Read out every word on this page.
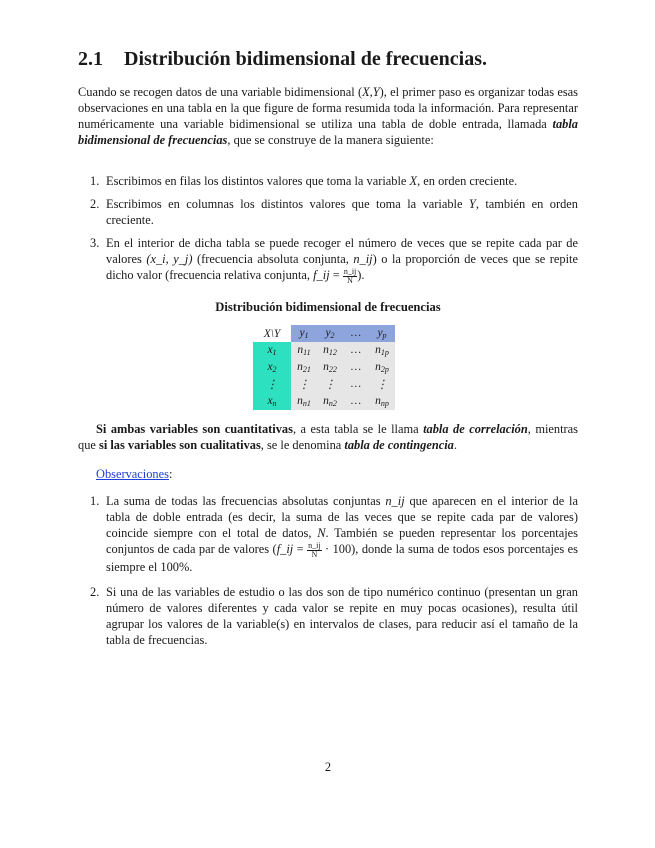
2.1 Distribución bidimensional de frecuencias.

Cuando se recogen datos de una variable bidimensional (X,Y), el primer paso es organizar todas esas observaciones en una tabla en la que figure de forma resumida toda la información. Para representar numéricamente una variable bidimensional se utiliza una tabla de doble entrada, llamada tabla bidimensional de frecuencias, que se construye de la manera siguiente:

1. Escribimos en filas los distintos valores que toma la variable X, en orden creciente.
2. Escribimos en columnas los distintos valores que toma la variable Y, también en orden creciente.
3. En el interior de dicha tabla se puede recoger el número de veces que se repite cada par de valores (x_i, y_j) (frecuencia absoluta conjunta, n_ij) o la proporción de veces que se repite dicho valor (frecuencia relativa conjunta, f_ij = $\frac{n\_ij}{N}$ ).
Distribución bidimensional de frecuencias
X\Y	$y_1$	$y_2$	…	$y_p$
$x_1$	$n_{11}$	$n_{12}$	…	$n_{1p}$
$x_2$	$n_{21}$	$n_{22}$	…	$n_{2p}$
⋮	⋮	⋮	…	⋮
$x_n$	$n_{n1}$	$n_{n2}$	…	$n_{np}$

Si ambas variables son cuantitativas, a esta tabla se le llama tabla de correlación, mientras que si las variables son cualitativas, se le denomina tabla de contingencia.

Observaciones:
1. La suma de todas las frecuencias absolutas conjuntas n_ij que aparecen en el interior de la tabla de doble entrada (es decir, la suma de las veces que se repite cada par de valores) coincide siempre con el total de datos, N. También se pueden representar los porcentajes conjuntos de cada par de valores (f_ij = $\frac{n\_ij}{N} \cdot 100$), donde la suma de todos esos porcentajes es siempre el 100%.
2. Si una de las variables de estudio o las dos son de tipo numérico continuo (presentan un gran número de valores diferentes y cada valor se repite en muy pocas ocasiones), resulta útil agrupar los valores de la variable(s) en intervalos de clases, para reducir así el tamaño de la tabla de frecuencias.
2
